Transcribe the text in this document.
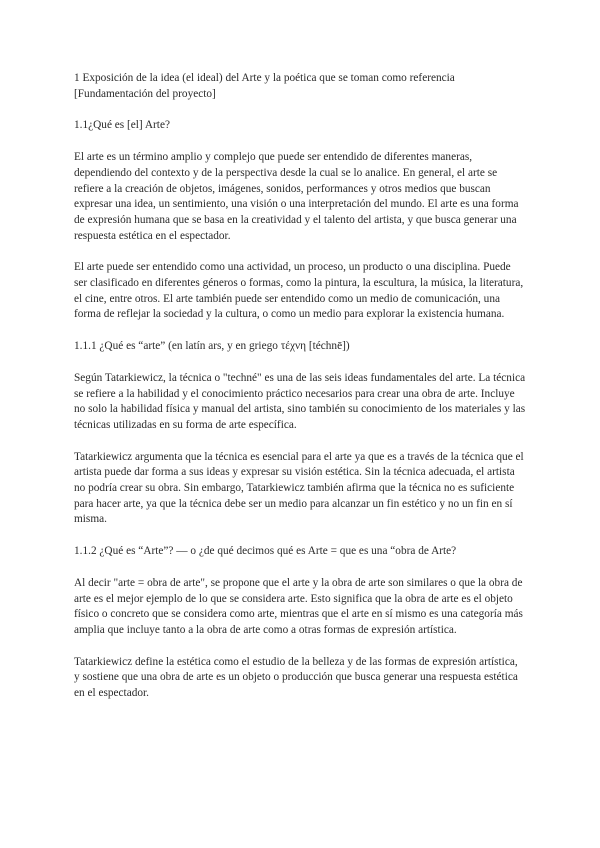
1 Exposición de la idea (el ideal) del Arte y la poética que se toman como referencia [Fundamentación del proyecto]

1.1¿Qué es [el] Arte?

El arte es un término amplio y complejo que puede ser entendido de diferentes maneras, dependiendo del contexto y de la perspectiva desde la cual se lo analice. En general, el arte se refiere a la creación de objetos, imágenes, sonidos, performances y otros medios que buscan expresar una idea, un sentimiento, una visión o una interpretación del mundo. El arte es una forma de expresión humana que se basa en la creatividad y el talento del artista, y que busca generar una respuesta estética en el espectador.

El arte puede ser entendido como una actividad, un proceso, un producto o una disciplina. Puede ser clasificado en diferentes géneros o formas, como la pintura, la escultura, la música, la literatura, el cine, entre otros. El arte también puede ser entendido como un medio de comunicación, una forma de reflejar la sociedad y la cultura, o como un medio para explorar la existencia humana.

1.1.1 ¿Qué es “arte” (en latín ars, y en griego τέχνη [téchnē])

Según Tatarkiewicz, la técnica o "techné" es una de las seis ideas fundamentales del arte. La técnica se refiere a la habilidad y el conocimiento práctico necesarios para crear una obra de arte. Incluye no solo la habilidad física y manual del artista, sino también su conocimiento de los materiales y las técnicas utilizadas en su forma de arte específica.

Tatarkiewicz argumenta que la técnica es esencial para el arte ya que es a través de la técnica que el artista puede dar forma a sus ideas y expresar su visión estética. Sin la técnica adecuada, el artista no podría crear su obra. Sin embargo, Tatarkiewicz también afirma que la técnica no es suficiente para hacer arte, ya que la técnica debe ser un medio para alcanzar un fin estético y no un fin en sí misma.

1.1.2 ¿Qué es “Arte”? — o ¿de qué decimos qué es Arte = que es una “obra de Arte?

Al decir "arte = obra de arte", se propone que el arte y la obra de arte son similares o que la obra de arte es el mejor ejemplo de lo que se considera arte. Esto significa que la obra de arte es el objeto físico o concreto que se considera como arte, mientras que el arte en sí mismo es una categoría más amplia que incluye tanto a la obra de arte como a otras formas de expresión artística.

Tatarkiewicz define la estética como el estudio de la belleza y de las formas de expresión artística, y sostiene que una obra de arte es un objeto o producción que busca generar una respuesta estética en el espectador.
